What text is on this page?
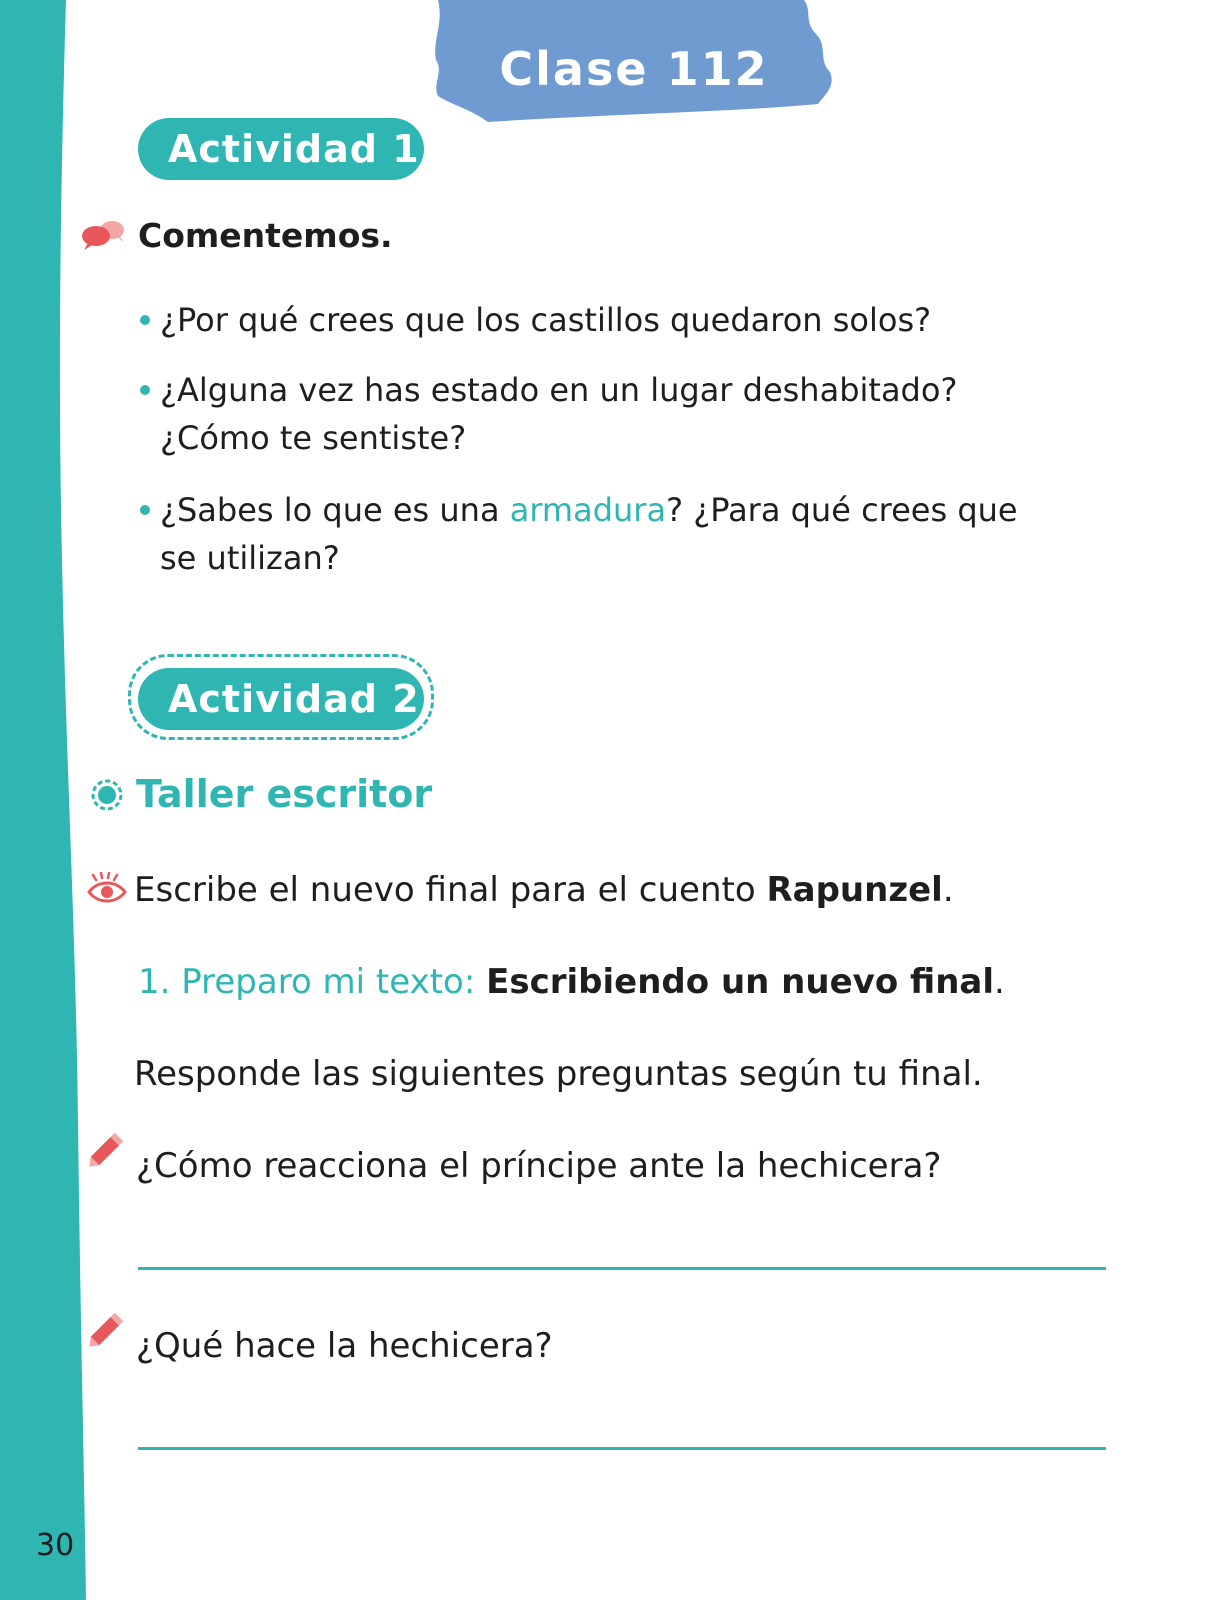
30
Clase 112
Actividad 1
Comentemos.
¿Por qué crees que los castillos quedaron solos?
¿Alguna vez has estado en un lugar deshabitado?
¿Cómo te sentiste?
¿Sabes lo que es una armadura? ¿Para qué crees que
se utilizan?
Actividad 2
Taller escritor
Escribe el nuevo final para el cuento Rapunzel.
1. Preparo mi texto: Escribiendo un nuevo final.
Responde las siguientes preguntas según tu final.
¿Cómo reacciona el príncipe ante la hechicera?
¿Qué hace la hechicera?
